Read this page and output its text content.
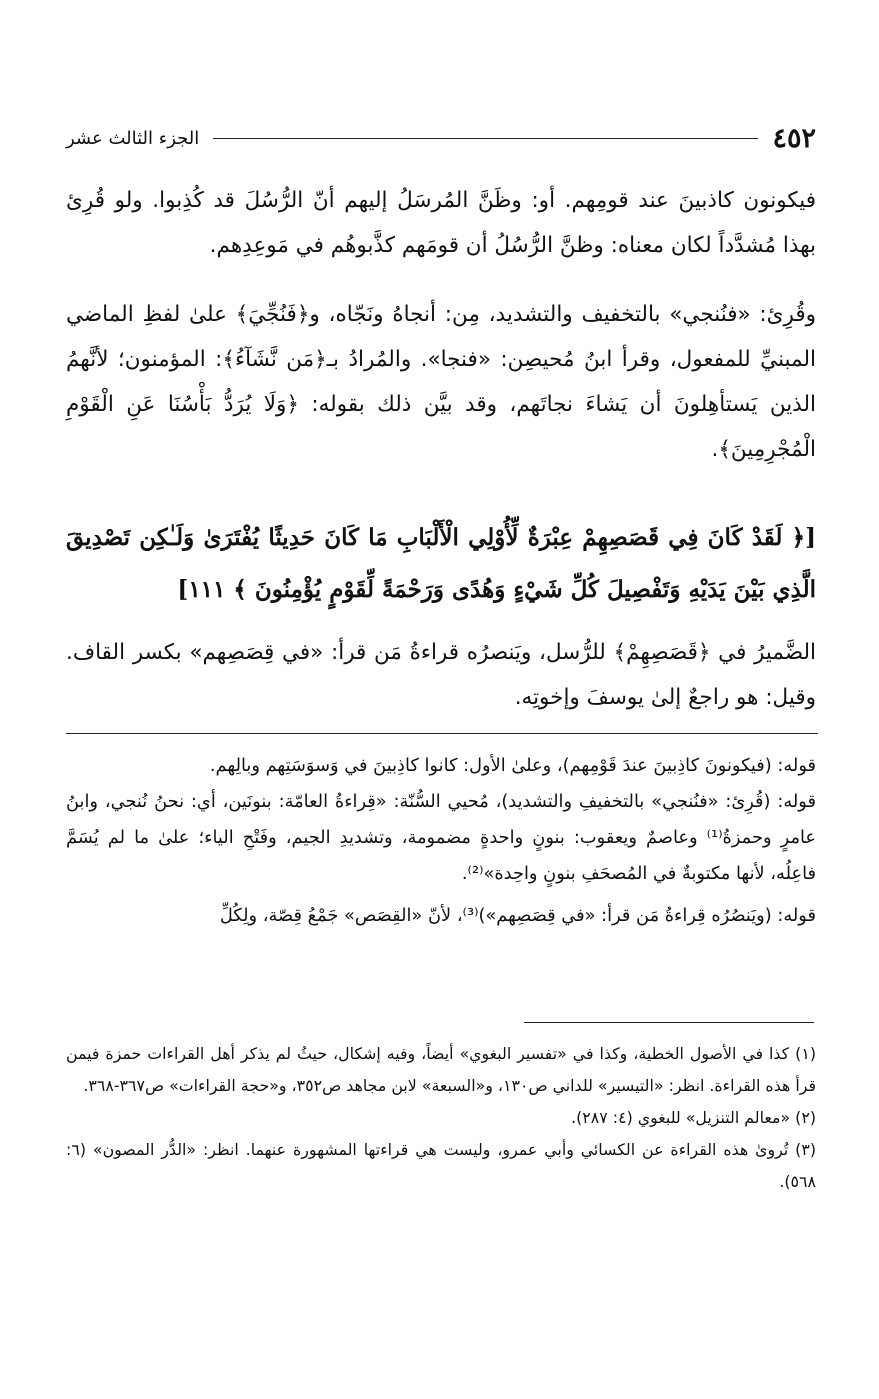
٤٥٢
الجزء الثالث عشر

فيكونون كاذبينَ عند قومِهم. أو: وظَنَّ المُرسَلُ إليهم أنّ الرُّسُلَ قد كُذِبوا. ولو قُرِئ بهذا مُشدَّداً لكان معناه: وظنَّ الرُّسُلُ أن قومَهم كذَّبوهُم في مَوعِدِهم.

وقُرِئ: «فنُنجي» بالتخفيف والتشديد، مِن: أنجاهُ ونَجّاه، و﴿فَنُجِّيَ﴾ علىٰ لفظِ الماضي المبنيِّ للمفعول، وقرأ ابنُ مُحيصِن: «فنجا». والمُرادُ بـ﴿مَن نَّشَآءُ﴾: المؤمنون؛ لأنَّهمُ الذين يَستأهِلونَ أن يَشاءَ نجاتَهم، وقد بيَّن ذلك بقوله: ﴿وَلَا يُرَدُّ بَأْسُنَا عَنِ الْقَوْمِ الْمُجْرِمِينَ﴾.

[﴿ لَقَدْ كَانَ فِي قَصَصِهِمْ عِبْرَةٌ لِّأُوْلِي الْأَلْبَابِ مَا كَانَ حَدِيثًا يُفْتَرَىٰ وَلَـٰكِن تَصْدِيقَ الَّذِي بَيْنَ يَدَيْهِ وَتَفْصِيلَ كُلِّ شَيْءٍ وَهُدًى وَرَحْمَةً لِّقَوْمٍ يُؤْمِنُونَ ﴾ ١١١]

الضَّميرُ في ﴿قَصَصِهِمْ﴾ للرُّسل، ويَنصرُه قراءةُ مَن قرأ: «في قِصَصِهم» بكسر القاف. وقيل: هو راجعٌ إلىٰ يوسفَ وإخوتِه.

قوله: (فيكونونَ كاذِبينَ عندَ قَوْمِهم)، وعلىٰ الأول: كانوا كاذِبينَ في وَسوَسَتِهم وبالِهم.

قوله: (قُرِئ: «فنُنجي» بالتخفيفِ والتشديد)، مُحيي السُّنّة: «قِراءةُ العامّة: بنونَين، أي: نحنُ نُنجي، وابنُ عامرٍ وحمزةُ⁽¹⁾ وعاصمٌ ويعقوب: بنونٍ واحدةٍ مضمومة، وتشديدِ الجيم، وفَتْحِ الياء؛ علىٰ ما لم يُسَمَّ فاعِلُه، لأنها مكتوبةٌ في المُصحَفِ بنونٍ واحِدة»⁽²⁾.

قوله: (ويَنصُرُه قِراءةُ مَن قرأ: «في قِصَصِهم»)⁽³⁾، لأنّ «القِصَص» جَمْعُ قِصّة، ولِكُلِّ

(١) كذا في الأصول الخطية، وكذا في «تفسير البغوي» أيضاً، وفيه إشكال، حيثُ لم يذكر أهل القراءات حمزة فيمن قرأ هذه القراءة. انظر: «التيسير» للداني ص١٣٠، و«السبعة» لابن مجاهد ص٣٥٢، و«حجة القراءات» ص٣٦٧-٣٦٨.

(٢) «معالم التنزيل» للبغوي (٤: ٢٨٧).

(٣) تُروىٰ هذه القراءة عن الكسائي وأبي عمرو، وليست هي قراءتها المشهورة عنهما. انظر: «الدُّر المصون» (٦: ٥٦٨).
